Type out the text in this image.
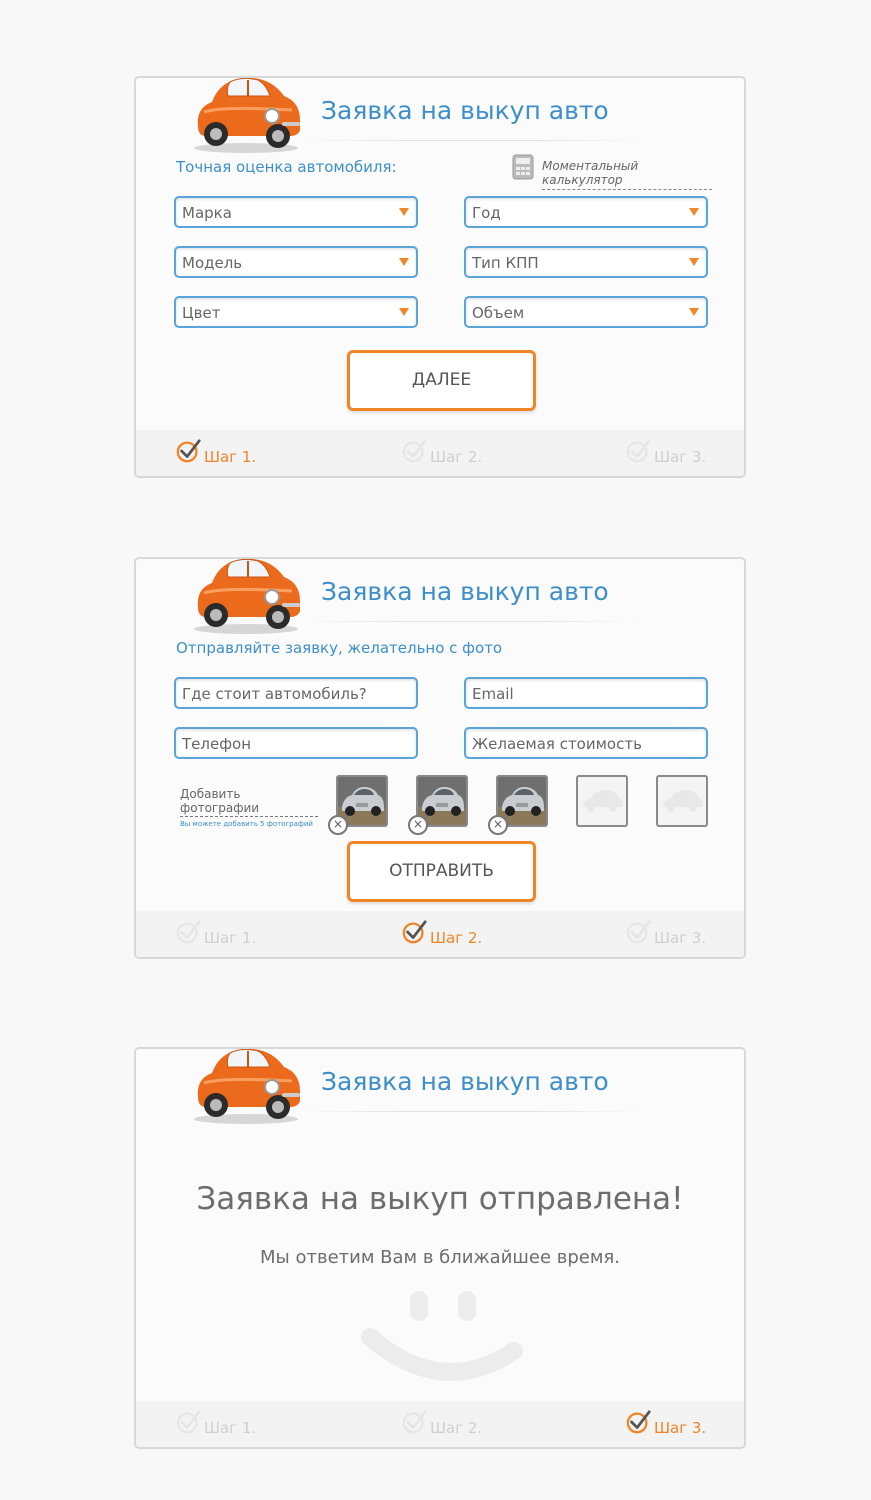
Заявка на выкуп авто
Точная оценка автомобиля:	Моментальный калькулятор
Марка	Год
Модель	Тип КПП
Цвет	Объем
ДАЛЕЕ
Шаг 1.	Шаг 2.	Шаг 3.
Заявка на выкуп авто
Отправляйте заявку, желательно с фото
Где стоит автомобиль?	Email
Телефон	Желаемая стоимость
Добавить фотографии
Вы можете добавить 5 фотографий	×	×	×
ОТПРАВИТЬ
Шаг 1.	Шаг 2.	Шаг 3.
Заявка на выкуп авто
Заявка на выкуп отправлена!
Мы ответим Вам в ближайшее время.
Шаг 1.	Шаг 2.	Шаг 3.
